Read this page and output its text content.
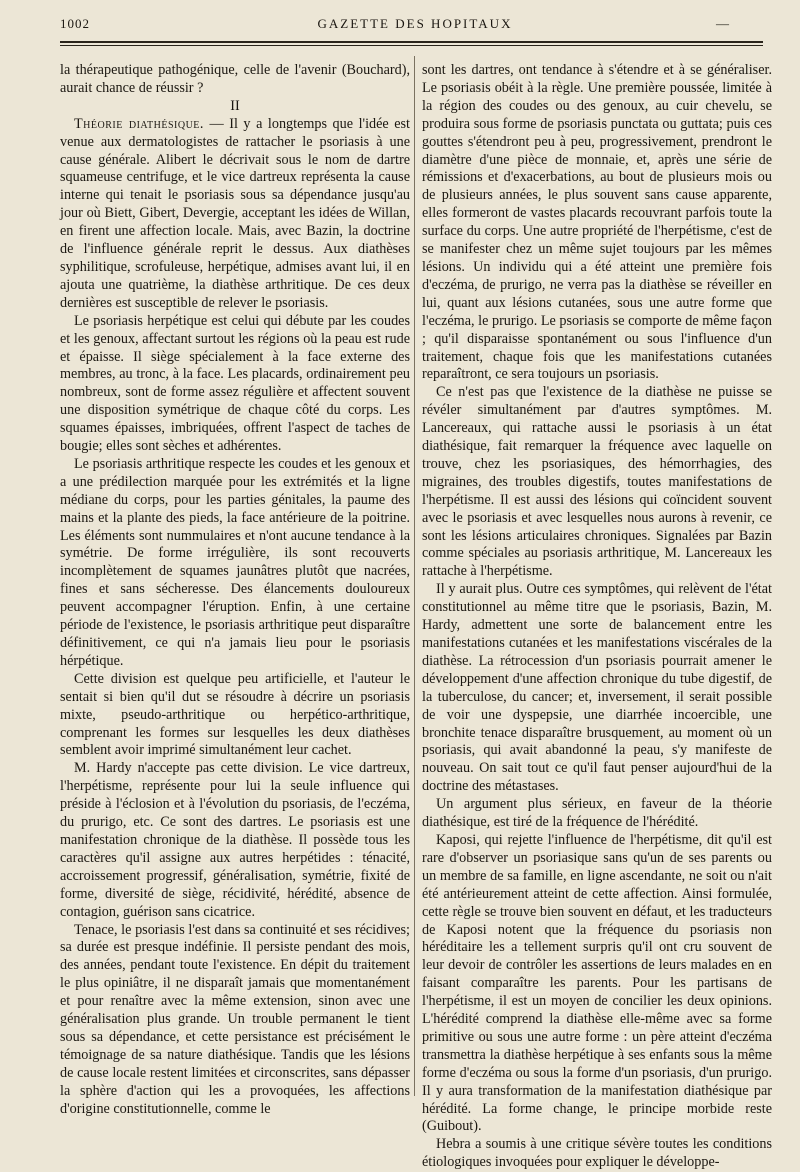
1002	GAZETTE DES HOPITAUX	—

la thérapeutique pathogénique, celle de l'avenir (Bouchard), aurait chance de réussir ?

II

Théorie diathésique. — Il y a longtemps que l'idée est venue aux dermatologistes de rattacher le psoriasis à une cause générale. Alibert le décrivait sous le nom de dartre squameuse centrifuge, et le vice dartreux représenta la cause interne qui tenait le psoriasis sous sa dépendance jusqu'au jour où Biett, Gibert, Devergie, acceptant les idées de Willan, en firent une affection locale. Mais, avec Bazin, la doctrine de l'influence générale reprit le dessus. Aux diathèses syphilitique, scrofuleuse, herpétique, admises avant lui, il en ajouta une quatrième, la diathèse arthritique. De ces deux dernières est susceptible de relever le psoriasis.

Le psoriasis herpétique est celui qui débute par les coudes et les genoux, affectant surtout les régions où la peau est rude et épaisse. Il siège spécialement à la face externe des membres, au tronc, à la face. Les placards, ordinairement peu nombreux, sont de forme assez régulière et affectent souvent une disposition symétrique de chaque côté du corps. Les squames épaisses, imbriquées, offrent l'aspect de taches de bougie; elles sont sèches et adhérentes.

Le psoriasis arthritique respecte les coudes et les genoux et a une prédilection marquée pour les extrémités et la ligne médiane du corps, pour les parties génitales, la paume des mains et la plante des pieds, la face antérieure de la poitrine. Les éléments sont nummulaires et n'ont aucune tendance à la symétrie. De forme irrégulière, ils sont recouverts incomplètement de squames jaunâtres plutôt que nacrées, fines et sans sécheresse. Des élancements douloureux peuvent accompagner l'éruption. Enfin, à une certaine période de l'existence, le psoriasis arthritique peut disparaître définitivement, ce qui n'a jamais lieu pour le psoriasis hérpétique.

Cette division est quelque peu artificielle, et l'auteur le sentait si bien qu'il dut se résoudre à décrire un psoriasis mixte, pseudo-arthritique ou herpético-arthritique, comprenant les formes sur lesquelles les deux diathèses semblent avoir imprimé simultanément leur cachet.

M. Hardy n'accepte pas cette division. Le vice dartreux, l'herpétisme, représente pour lui la seule influence qui préside à l'éclosion et à l'évolution du psoriasis, de l'eczéma, du prurigo, etc. Ce sont des dartres. Le psoriasis est une manifestation chronique de la diathèse. Il possède tous les caractères qu'il assigne aux autres herpétides : ténacité, accroissement progressif, généralisation, symétrie, fixité de forme, diversité de siège, récidivité, hérédité, absence de contagion, guérison sans cicatrice.

Tenace, le psoriasis l'est dans sa continuité et ses récidives; sa durée est presque indéfinie. Il persiste pendant des mois, des années, pendant toute l'existence. En dépit du traitement le plus opiniâtre, il ne disparaît jamais que momentanément et pour renaître avec la même extension, sinon avec une généralisation plus grande. Un trouble permanent le tient sous sa dépendance, et cette persistance est précisément le témoignage de sa nature diathésique. Tandis que les lésions de cause locale restent limitées et circonscrites, sans dépasser la sphère d'action qui les a provoquées, les affections d'origine constitutionnelle, comme le

sont les dartres, ont tendance à s'étendre et à se généraliser. Le psoriasis obéit à la règle. Une première poussée, limitée à la région des coudes ou des genoux, au cuir chevelu, se produira sous forme de psoriasis punctata ou guttata; puis ces gouttes s'étendront peu à peu, progressivement, prendront le diamètre d'une pièce de monnaie, et, après une série de rémissions et d'exacerbations, au bout de plusieurs mois ou de plusieurs années, le plus souvent sans cause apparente, elles formeront de vastes placards recouvrant parfois toute la surface du corps. Une autre propriété de l'herpétisme, c'est de se manifester chez un même sujet toujours par les mêmes lésions. Un individu qui a été atteint une première fois d'eczéma, de prurigo, ne verra pas la diathèse se réveiller en lui, quant aux lésions cutanées, sous une autre forme que l'eczéma, le prurigo. Le psoriasis se comporte de même façon ; qu'il disparaisse spontanément ou sous l'influence d'un traitement, chaque fois que les manifestations cutanées reparaîtront, ce sera toujours un psoriasis.

Ce n'est pas que l'existence de la diathèse ne puisse se révéler simultanément par d'autres symptômes. M. Lancereaux, qui rattache aussi le psoriasis à un état diathésique, fait remarquer la fréquence avec laquelle on trouve, chez les psoriasiques, des hémorrhagies, des migraines, des troubles digestifs, toutes manifestations de l'herpétisme. Il est aussi des lésions qui coïncident souvent avec le psoriasis et avec lesquelles nous aurons à revenir, ce sont les lésions articulaires chroniques. Signalées par Bazin comme spéciales au psoriasis arthritique, M. Lancereaux les rattache à l'herpétisme.

Il y aurait plus. Outre ces symptômes, qui relèvent de l'état constitutionnel au même titre que le psoriasis, Bazin, M. Hardy, admettent une sorte de balancement entre les manifestations cutanées et les manifestations viscérales de la diathèse. La rétrocession d'un psoriasis pourrait amener le développement d'une affection chronique du tube digestif, de la tuberculose, du cancer; et, inversement, il serait possible de voir une dyspepsie, une diarrhée incoercible, une bronchite tenace disparaître brusquement, au moment où un psoriasis, qui avait abandonné la peau, s'y manifeste de nouveau. On sait tout ce qu'il faut penser aujourd'hui de la doctrine des métastases.

Un argument plus sérieux, en faveur de la théorie diathésique, est tiré de la fréquence de l'hérédité.

Kaposi, qui rejette l'influence de l'herpétisme, dit qu'il est rare d'observer un psoriasique sans qu'un de ses parents ou un membre de sa famille, en ligne ascendante, ne soit ou n'ait été antérieurement atteint de cette affection. Ainsi formulée, cette règle se trouve bien souvent en défaut, et les traducteurs de Kaposi notent que la fréquence du psoriasis non héréditaire les a tellement surpris qu'il ont cru souvent de leur devoir de contrôler les assertions de leurs malades en en faisant comparaître les parents. Pour les partisans de l'herpétisme, il est un moyen de concilier les deux opinions. L'hérédité comprend la diathèse elle-même avec sa forme primitive ou sous une autre forme : un père atteint d'eczéma transmettra la diathèse herpétique à ses enfants sous la même forme d'eczéma ou sous la forme d'un psoriasis, d'un prurigo. Il y aura transformation de la manifestation diathésique par hérédité. La forme change, le principe morbide reste (Guibout).

Hebra a soumis à une critique sévère toutes les conditions étiologiques invoquées pour expliquer le développe-
